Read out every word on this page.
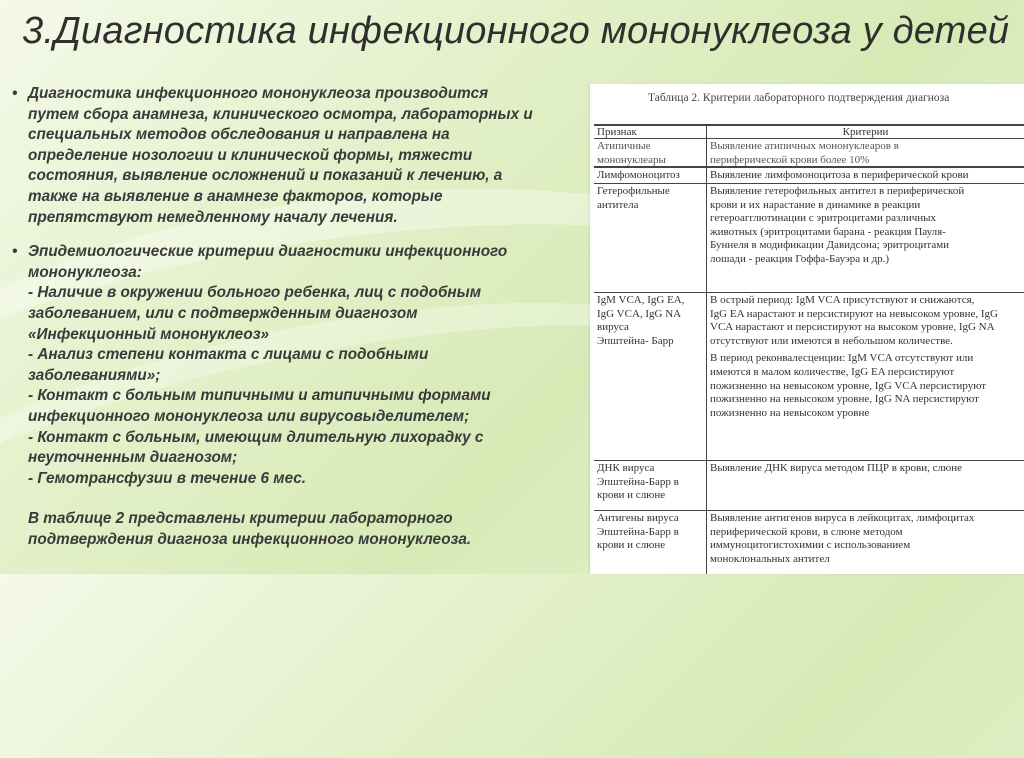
3.Диагностика инфекционного мононуклеоза у детей
• Диагностика инфекционного мононуклеоза производится
путем сбора анамнеза, клинического осмотра, лабораторных и
специальных методов обследования и направлена на
определение нозологии и клинической формы, тяжести
состояния, выявление осложнений и показаний к лечению, а
также на выявление в анамнезе факторов, которые
препятствуют немедленному началу лечения.
• Эпидемиологические критерии диагностики инфекционного
мононуклеоза:
- Наличие в окружении больного ребенка, лиц с подобным
заболеванием, или с подтвержденным диагнозом
«Инфекционный мононуклеоз»
- Анализ степени контакта с лицами с подобными
заболеваниями»;
- Контакт с больным типичными и атипичными формами
инфекционного мононуклеоза или вирусовыделителем;
- Контакт с больным, имеющим длительную лихорадку с
неуточненным диагнозом;
- Гемотрансфузии в течение 6 мес.
В таблице 2 представлены критерии лабораторного
подтверждения диагноза инфекционного мононуклеоза.
Таблица 2. Критерии лабораторного подтверждения диагноза
Признак	Критерии
Атипичные
мононуклеары
Выявление атипичных мононуклеаров в
периферической крови более 10%
Лимфомоноцитоз	Выявление лимфомоноцитоза в периферической крови
Гетерофильные
антитела
Выявление гетерофильных антител в периферической
крови и их нарастание в динамике в реакции
гетероагглютинации с эритроцитами различных
животных (эритроцитами барана - реакция Пауля-
Буннеля в модификации Давидсона; эритроцитами
лошади - реакция Гоффа-Бауэра и др.)
IgM VCA, IgG EA,
IgG VCA, IgG NA
вируса
Эпштейна- Барр
В острый период: IgM VCA присутствуют и снижаются,
IgG EA нарастают и персистируют на невысоком уровне, IgG
VCA нарастают и персистируют на высоком уровне, IgG NA
отсутствуют или имеются в небольшом количестве.
В период реконвалесценции: IgM VCA отсутствуют или
имеются в малом количестве, IgG EA персистируют
пожизненно на невысоком уровне, IgG VCA персистируют
пожизненно на невысоком уровне, IgG NA персистируют
пожизненно на невысоком уровне
ДНК вируса
Эпштейна-Барр в
крови и слюне
Выявление ДНК вируса методом ПЦР в крови, слюне
Антигены вируса
Эпштейна-Барр в
крови и слюне
Выявление антигенов вируса в лейкоцитах, лимфоцитах
периферической крови, в слюне методом
иммуноцитогистохимии с использованием
моноклональных антител
